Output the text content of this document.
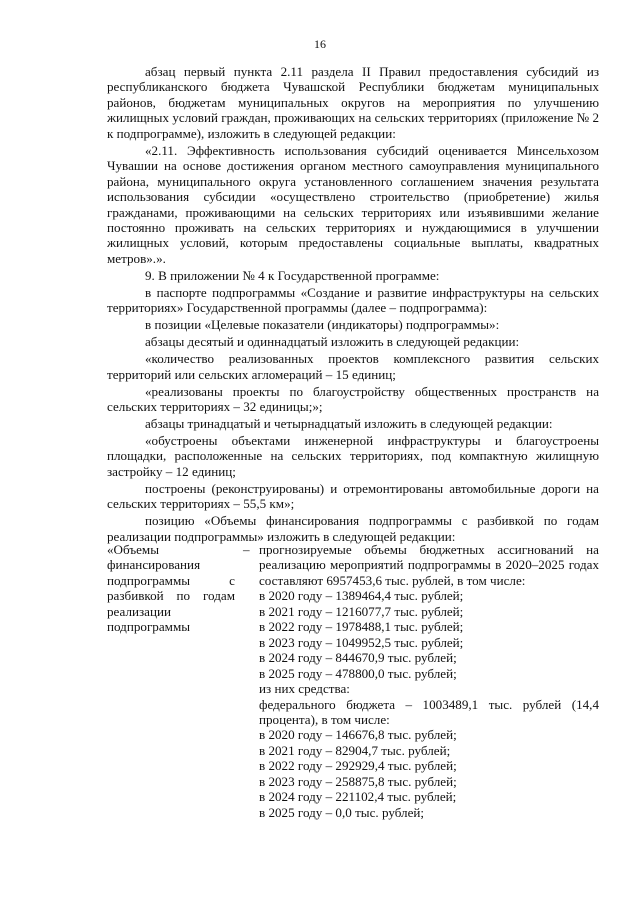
16

абзац первый пункта 2.11 раздела II Правил предоставления субсидий из республиканского бюджета Чувашской Республики бюджетам муниципальных районов, бюджетам муниципальных округов на мероприятия по улучшению жилищных условий граждан, проживающих на сельских территориях (приложение № 2 к подпрограмме), изложить в следующей редакции:

«2.11. Эффективность использования субсидий оценивается Минсельхозом Чувашии на основе достижения органом местного самоуправления муниципального района, муниципального округа установленного соглашением значения результата использования субсидии «осуществлено строительство (приобретение) жилья гражданами, проживающими на сельских территориях или изъявившими желание постоянно проживать на сельских территориях и нуждающимися в улучшении жилищных условий, которым предоставлены социальные выплаты, квадратных метров».».

9. В приложении № 4 к Государственной программе:

в паспорте подпрограммы «Создание и развитие инфраструктуры на сельских территориях» Государственной программы (далее – подпрограмма):

в позиции «Целевые показатели (индикаторы) подпрограммы»:

абзацы десятый и одиннадцатый изложить в следующей редакции:

«количество реализованных проектов комплексного развития сельских территорий или сельских агломераций – 15 единиц;

«реализованы проекты по благоустройству общественных пространств на сельских территориях – 32 единицы;»;

абзацы тринадцатый и четырнадцатый изложить в следующей редакции:

«обустроены объектами инженерной инфраструктуры и благоустроены площадки, расположенные на сельских территориях, под компактную жилищную застройку – 12 единиц;

построены (реконструированы) и отремонтированы автомобильные дороги на сельских территориях – 55,5 км»;

позицию «Объемы финансирования подпрограммы с разбивкой по годам реализации подпрограммы» изложить в следующей редакции:

«Объемы финансирования подпрограммы с разбивкой по годам реализации подпрограммы
– прогнозируемые объемы бюджетных ассигнований на реализацию мероприятий подпрограммы в 2020–2025 годах составляют 6957453,6 тыс. рублей, в том числе:
в 2020 году – 1389464,4 тыс. рублей;
в 2021 году – 1216077,7 тыс. рублей;
в 2022 году – 1978488,1 тыс. рублей;
в 2023 году – 1049952,5 тыс. рублей;
в 2024 году – 844670,9 тыс. рублей;
в 2025 году – 478800,0 тыс. рублей;
из них средства:
федерального бюджета – 1003489,1 тыс. рублей (14,4 процента), в том числе:
в 2020 году – 146676,8 тыс. рублей;
в 2021 году – 82904,7 тыс. рублей;
в 2022 году – 292929,4 тыс. рублей;
в 2023 году – 258875,8 тыс. рублей;
в 2024 году – 221102,4 тыс. рублей;
в 2025 году – 0,0 тыс. рублей;
